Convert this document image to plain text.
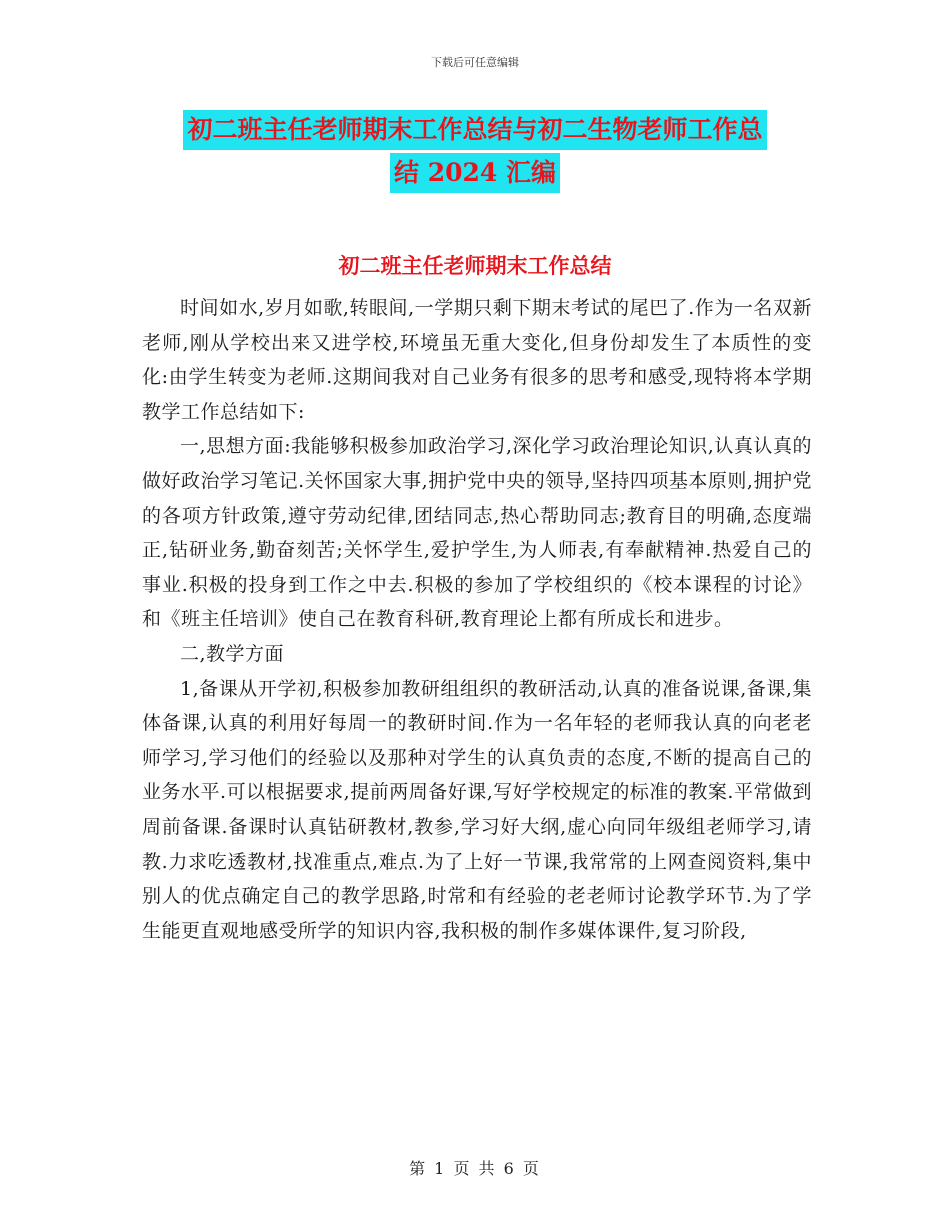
下载后可任意编辑
初二班主任老师期末工作总结与初二生物老师工作总
结 2024 汇编
初二班主任老师期末工作总结

时间如水,岁月如歌,转眼间,一学期只剩下期末考试的尾巴了.作为一名双新老师,刚从学校出来又进学校,环境虽无重大变化,但身份却发生了本质性的变化:由学生转变为老师.这期间我对自己业务有很多的思考和感受,现特将本学期教学工作总结如下:

一,思想方面:我能够积极参加政治学习,深化学习政治理论知识,认真认真的做好政治学习笔记.关怀国家大事,拥护党中央的领导,坚持四项基本原则,拥护党的各项方针政策,遵守劳动纪律,团结同志,热心帮助同志;教育目的明确,态度端正,钻研业务,勤奋刻苦;关怀学生,爱护学生,为人师表,有奉献精神.热爱自己的事业.积极的投身到工作之中去.积极的参加了学校组织的《校本课程的讨论》和《班主任培训》使自己在教育科研,教育理论上都有所成长和进步。

二,教学方面

1,备课从开学初,积极参加教研组组织的教研活动,认真的准备说课,备课,集体备课,认真的利用好每周一的教研时间.作为一名年轻的老师我认真的向老老师学习,学习他们的经验以及那种对学生的认真负责的态度,不断的提高自己的业务水平.可以根据要求,提前两周备好课,写好学校规定的标准的教案.平常做到周前备课.备课时认真钻研教材,教参,学习好大纲,虚心向同年级组老师学习,请教.力求吃透教材,找准重点,难点.为了上好一节课,我常常的上网查阅资料,集中别人的优点确定自己的教学思路,时常和有经验的老老师讨论教学环节.为了学生能更直观地感受所学的知识内容,我积极的制作多媒体课件,复习阶段,

第 1 页 共 6 页
